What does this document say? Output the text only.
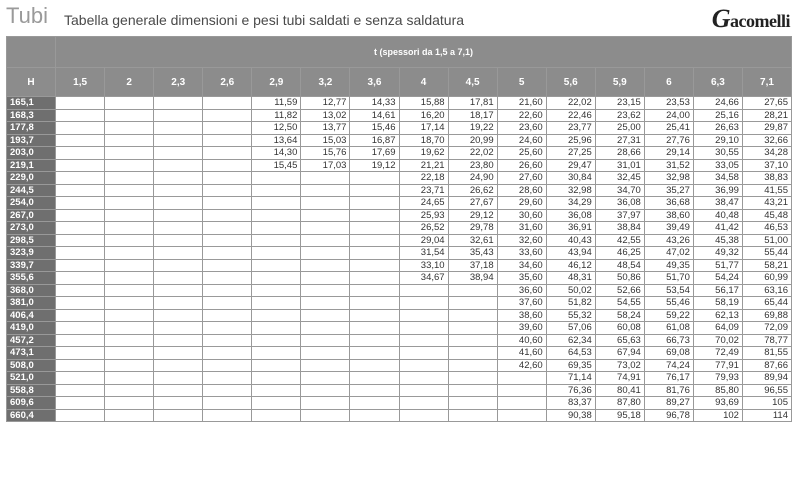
Tubi Tabella generale dimensioni e pesi tubi saldati e senza saldatura	Gacomelli
	t (spessori da 1,5 a 7,1)														
H	1,5	2	2,3	2,6	2,9	3,2	3,6	4	4,5	5	5,6	5,9	6	6,3	7,1
165,1					11,59	12,77	14,33	15,88	17,81	21,60	22,02	23,15	23,53	24,66	27,65
168,3					11,82	13,02	14,61	16,20	18,17	22,60	22,46	23,62	24,00	25,16	28,21
177,8					12,50	13,77	15,46	17,14	19,22	23,60	23,77	25,00	25,41	26,63	29,87
193,7					13,64	15,03	16,87	18,70	20,99	24,60	25,96	27,31	27,76	29,10	32,66
203,0					14,30	15,76	17,69	19,62	22,02	25,60	27,25	28,66	29,14	30,55	34,28
219,1					15,45	17,03	19,12	21,21	23,80	26,60	29,47	31,01	31,52	33,05	37,10
229,0								22,18	24,90	27,60	30,84	32,45	32,98	34,58	38,83
244,5								23,71	26,62	28,60	32,98	34,70	35,27	36,99	41,55
254,0								24,65	27,67	29,60	34,29	36,08	36,68	38,47	43,21
267,0								25,93	29,12	30,60	36,08	37,97	38,60	40,48	45,48
273,0								26,52	29,78	31,60	36,91	38,84	39,49	41,42	46,53
298,5								29,04	32,61	32,60	40,43	42,55	43,26	45,38	51,00
323,9								31,54	35,43	33,60	43,94	46,25	47,02	49,32	55,44
339,7								33,10	37,18	34,60	46,12	48,54	49,35	51,77	58,21
355,6								34,67	38,94	35,60	48,31	50,86	51,70	54,24	60,99
368,0										36,60	50,02	52,66	53,54	56,17	63,16
381,0										37,60	51,82	54,55	55,46	58,19	65,44
406,4										38,60	55,32	58,24	59,22	62,13	69,88
419,0										39,60	57,06	60,08	61,08	64,09	72,09
457,2										40,60	62,34	65,63	66,73	70,02	78,77
473,1										41,60	64,53	67,94	69,08	72,49	81,55
508,0										42,60	69,35	73,02	74,24	77,91	87,66
521,0											71,14	74,91	76,17	79,93	89,94
558,8											76,36	80,41	81,76	85,80	96,55
609,6											83,37	87,80	89,27	93,69	105
660,4											90,38	95,18	96,78	102	114
